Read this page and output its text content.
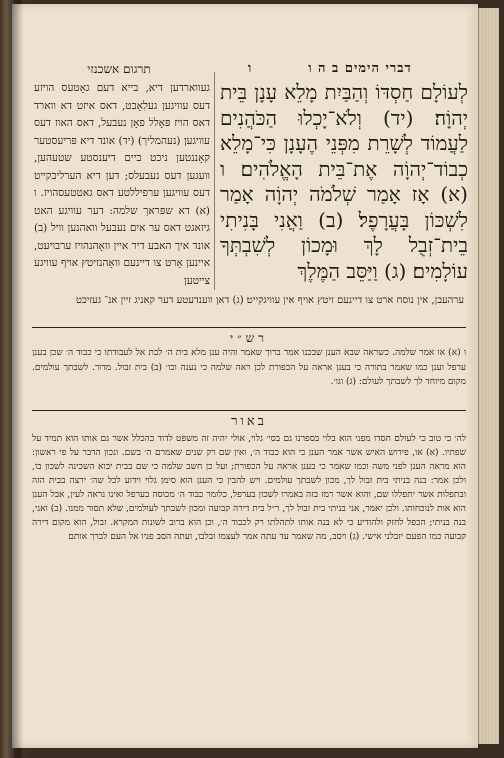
דברי הימים ב ה ו
ו
תרגום אשכנזי
לְעוֹלָם חַסְדּוֹ וְהַבַּיִת מָלֵא עָנָן בֵּית יְהוָֹה׃ (יד) וְלֹא־יָכְלוּ הַכֹּהֲנִים לַעֲמוֹד לְשָׁרֵת מִפְּנֵי הֶעָנָן כִּי־מָלֵא כְבוֹד־יְהוָֹה אֶת־בֵּית הָאֱלֹהִים׃ ו (א) אָז אָמַר שְׁלֹמֹה יְהוָֹה אָמַר לִשְׁכּוֹן בָּעֲרָפֶל׃ (ב) וַאֲנִי בָּנִיתִי בֵית־זְבֻל לָךְ וּמָכוֹן לְשִׁבְתְּךָ עוֹלָמִים׃ (ג) וַיַּסֵּב הַמֶּלֶךְ
געווארדען דיא, בייא דעם גאָטעס הויזע דעס עוויגען געלִאָבט, דאס איזט דא ווארד דאס הויז פּאָלל פאָן נעבעל, דאס האוז דעס עוויגען (נעהמליך) (יד) אונד דיא פּריעסטער קאָננטען ניכט ביים דיענסטע שטעהען, וועגען דעס נעבעלס; דען דיא הערליכקייט דעס עוויגען ערפיללטע דאס גאטטעסהויז. ו (א) דא שפּראך שלמה: דער עוויגע האט גיזאגט דאס ער אים נעבעל וואהנען וויל (ב) אונד איך האבע דיר איין וואָהנהויז ערבויעט, איינען אָרט צו דיינעם וואָהנזיטץ אויף עוויגע צייטען
ערהעבן, אין נוסח ארט צו דיינעם זיטץ אויף אין עוויגקייט׃ (ג) דאן ווענדעטע דער קאניג זיין אנ־ געזיכט
רש״י
ו (א) או אמר שלמה. כשראה שבא הענן שבכנו אמר ברוך שאמר והיה ענן מלא בית ה׳ לבת אל לעבודתו כי כבוד ה׳ שכן בענן ערפל וענן כמו שאמר בתורה כי בענן אראה על הכפורת לכן ראה שלמה כי נענה וכו׳ (ב) בית זבול. מדור. לשבתך עולמים. מקום מיוחד לך לשבתך לעולם: (ג) וגו׳.
באור
לה׳ כי טוב כי לעולם חסדו מפני הוא בלוי בספרנו גם בסי׳ גלוי, אולי יהיה זה משפט לדוד כהכלל אשר גם אותו הוא תמיד על שפתיו. (א) או, פירוש האיש אשר אמר הענן כי הוא כבוד ה׳, ואין שם רק שנים שאמרם ה׳ בשם. ונכון הדבר על פי ראשון: הוא מראה הענן לפני משה וכמו שאמר כי בענן אראה על הכפורת; ועל כן חשב שלמה כי שם בבית יבוא השכינה לשכון בו, ולכן אמר: בנה בניתי בית זבול לך, מכון לשבתך עולמים. ויש להבין כי הענן הוא סימן גלוי וידוע לכל שה׳ ירצה בבית הזה ובתפלות אשר יתפללו שם, והוא אשר רמז בזה באמרו לשכון בערפל, כלומר כבוד ה׳ מכוסה בערפל ואינו נראה לעין, אבל הענן הוא אות לנוכחותו. ולכן יאמר, אני בניתי בית זבול לך, ר״ל בית דירה קבועה ומכון לשבתך לעולמים, שלא תסור ממנו. (ב) ואני, בנה בניתי; הכפל לחזק ולהודיע כי לא בנה אותו לתהלתו רק לכבוד ה׳, וכן הוא ברוב לשונות המקרא. זבול, הוא מקום דירה קבועה כמו הפעם יזבלני אישי. (ג) ויסב, מה שאמר עד עתה אמר לעצמו ובלבו, ועתה הסב פניו אל העם לברך אותם
